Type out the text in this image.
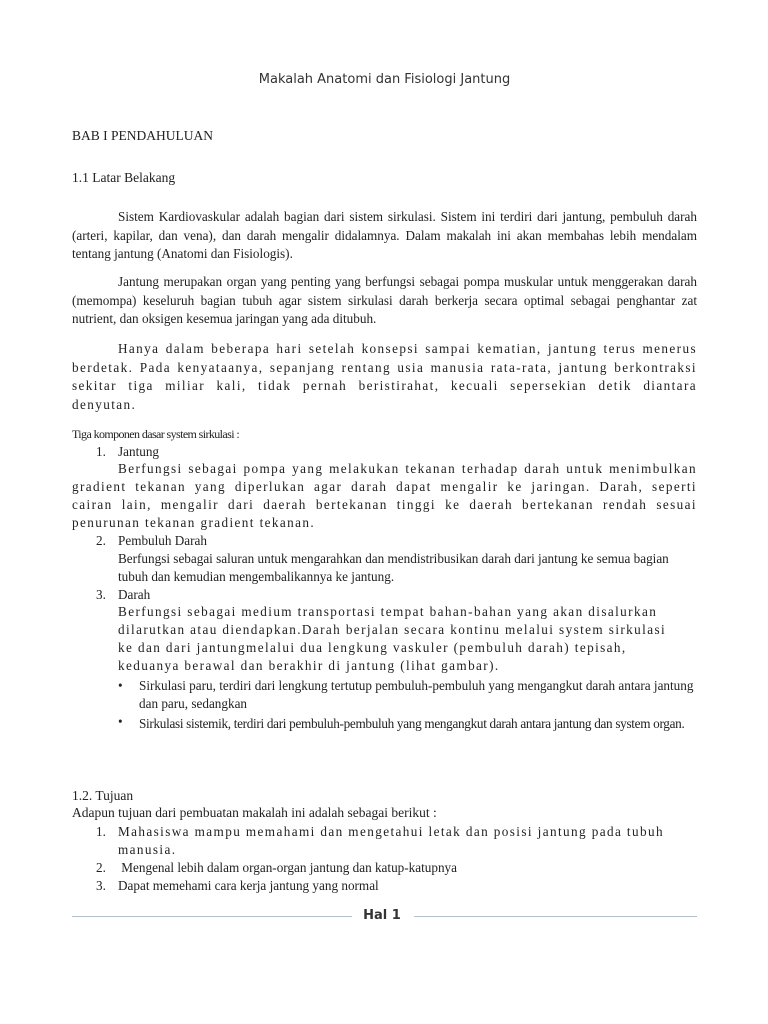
Makalah Anatomi dan Fisiologi Jantung
BAB I PENDAHULUAN
1.1 Latar Belakang

Sistem Kardiovaskular adalah bagian dari sistem sirkulasi. Sistem ini terdiri dari jantung, pembuluh darah (arteri, kapilar, dan vena), dan darah mengalir didalamnya. Dalam makalah ini akan membahas lebih mendalam tentang jantung (Anatomi dan Fisiologis).

Jantung merupakan organ yang penting yang berfungsi sebagai pompa muskular untuk menggerakan darah (memompa) keseluruh bagian tubuh agar sistem sirkulasi darah berkerja secara optimal sebagai penghantar zat nutrient, dan oksigen kesemua jaringan yang ada ditubuh.

Hanya dalam beberapa hari setelah konsepsi sampai kematian, jantung terus menerus berdetak. Pada kenyataanya, sepanjang rentang usia manusia rata-rata, jantung berkontraksi sekitar tiga miliar kali, tidak pernah beristirahat, kecuali sepersekian detik diantara denyutan.

Tiga komponen dasar system sirkulasi :
1. Jantung

Berfungsi sebagai pompa yang melakukan tekanan terhadap darah untuk menimbulkan gradient tekanan yang diperlukan agar darah dapat mengalir ke jaringan. Darah, seperti cairan lain, mengalir dari daerah bertekanan tinggi ke daerah bertekanan rendah sesuai penurunan tekanan gradient tekanan.

2. Pembuluh Darah
Berfungsi sebagai saluran untuk mengarahkan dan mendistribusikan darah dari jantung ke semua bagian tubuh dan kemudian mengembalikannya ke jantung.
3. Darah
Berfungsi sebagai medium transportasi tempat bahan-bahan yang akan disalurkan dilarutkan atau diendapkan.Darah berjalan secara kontinu melalui system sirkulasi ke dan dari jantungmelalui dua lengkung vaskuler (pembuluh darah) tepisah, keduanya berawal dan berakhir di jantung (lihat gambar).
• Sirkulasi paru, terdiri dari lengkung tertutup pembuluh-pembuluh yang mengangkut darah antara jantung dan paru, sedangkan
• Sirkulasi sistemik, terdiri dari pembuluh-pembuluh yang mengangkut darah antara jantung dan system organ.
1.2. Tujuan
Adapun tujuan dari pembuatan makalah ini adalah sebagai berikut :
1. Mahasiswa mampu memahami dan mengetahui letak dan posisi jantung pada tubuh manusia.
2. Mengenal lebih dalam organ-organ jantung dan katup-katupnya
3. Dapat memehami cara kerja jantung yang normal
Hal 1
